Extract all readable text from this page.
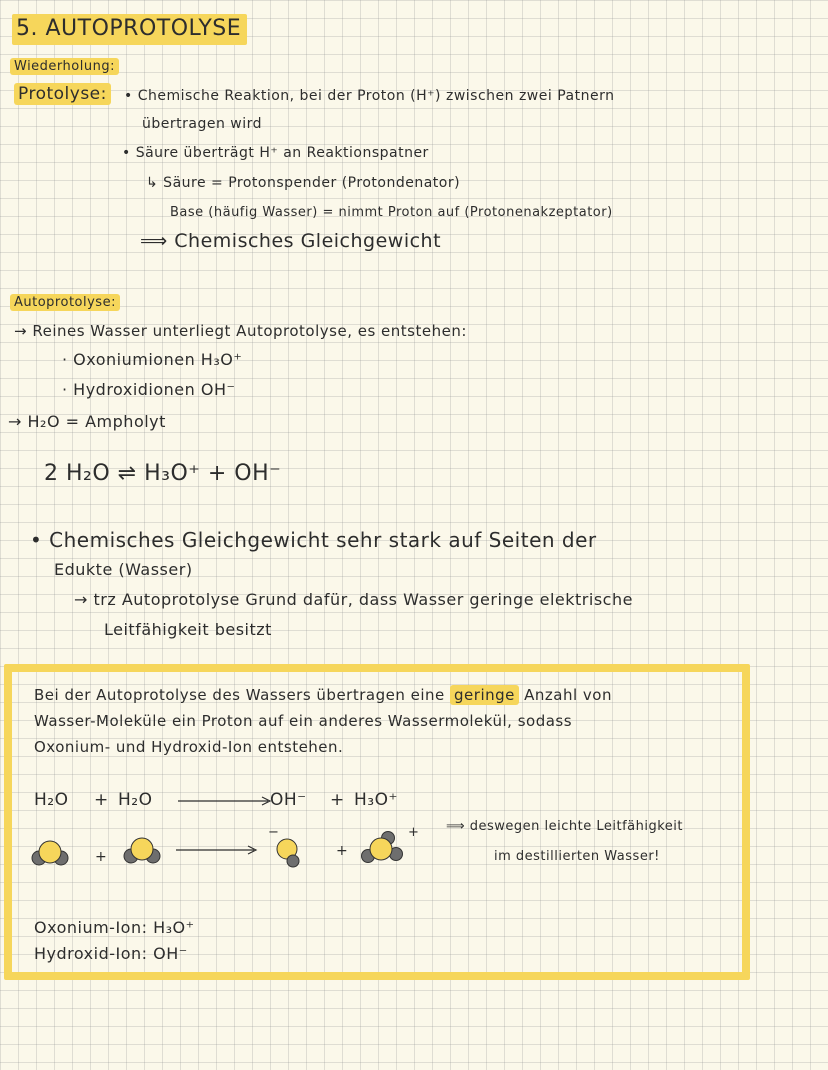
5. AUTOPROTOLYSE
Wiederholung:
Protolyse: • Chemische Reaktion, bei der Proton (H⁺) zwischen zwei Patnern
übertragen wird
• Säure überträgt H⁺ an Reaktionspatner
↳ Säure = Protonspender (Protondenator)
Base (häufig Wasser) = nimmt Proton auf (Protonenakzeptator)
⟹ Chemisches Gleichgewicht
Autoprotolyse:
→ Reines Wasser unterliegt Autoprotolyse, es entstehen:
· Oxoniumionen H₃O⁺
· Hydroxidionen OH⁻
→ H₂O = Ampholyt
2 H₂O ⇌ H₃O⁺ + OH⁻
• Chemisches Gleichgewicht sehr stark auf Seiten der
Edukte (Wasser)
→ trz Autoprotolyse Grund dafür, dass Wasser geringe elektrische
Leitfähigkeit besitzt
Bei der Autoprotolyse des Wassers übertragen eine geringe Anzahl von
Wasser-Moleküle ein Proton auf ein anderes Wassermolekül, sodass
Oxonium- und Hydroxid-Ion entstehen.
H₂O + H₂O	OH⁻ + H₃O⁺
+
−
+
+ ⟹ deswegen leichte Leitfähigkeit
im destillierten Wasser!
Oxonium-Ion: H₃O⁺
Hydroxid-Ion: OH⁻
